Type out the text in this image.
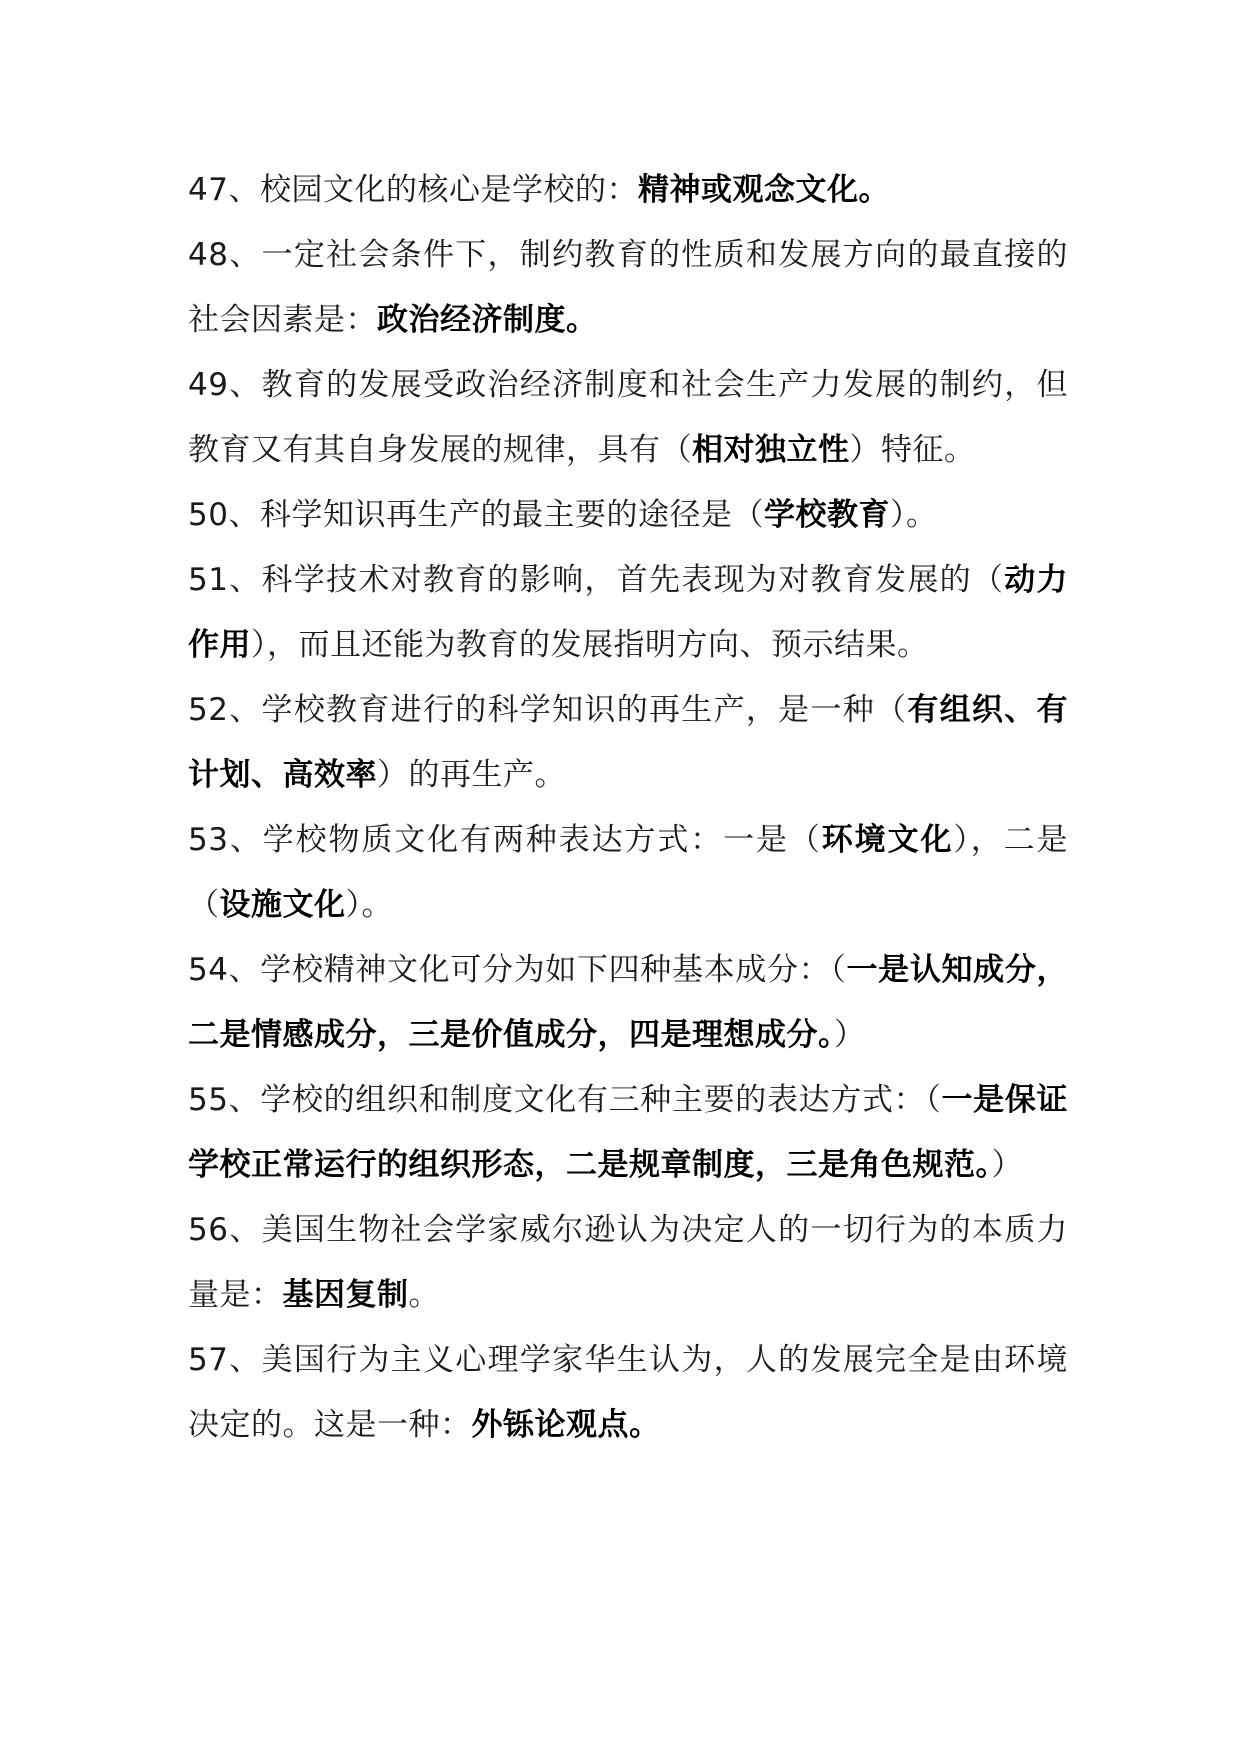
47、校园文化的核心是学校的：精神或观念文化。

48、一定社会条件下，制约教育的性质和发展方向的最直接的社会因素是：政治经济制度。

49、教育的发展受政治经济制度和社会生产力发展的制约，但教育又有其自身发展的规律，具有（相对独立性）特征。

50、科学知识再生产的最主要的途径是（学校教育）。

51、科学技术对教育的影响，首先表现为对教育发展的（动力作用），而且还能为教育的发展指明方向、预示结果。

52、学校教育进行的科学知识的再生产，是一种（有组织、有计划、高效率）的再生产。

53、学校物质文化有两种表达方式：一是（环境文化），二是（设施文化）。

54、学校精神文化可分为如下四种基本成分：（一是认知成分，二是情感成分，三是价值成分，四是理想成分。）

55、学校的组织和制度文化有三种主要的表达方式：（一是保证学校正常运行的组织形态，二是规章制度，三是角色规范。）

56、美国生物社会学家威尔逊认为决定人的一切行为的本质力量是：基因复制。

57、美国行为主义心理学家华生认为，人的发展完全是由环境决定的。这是一种：外铄论观点。
